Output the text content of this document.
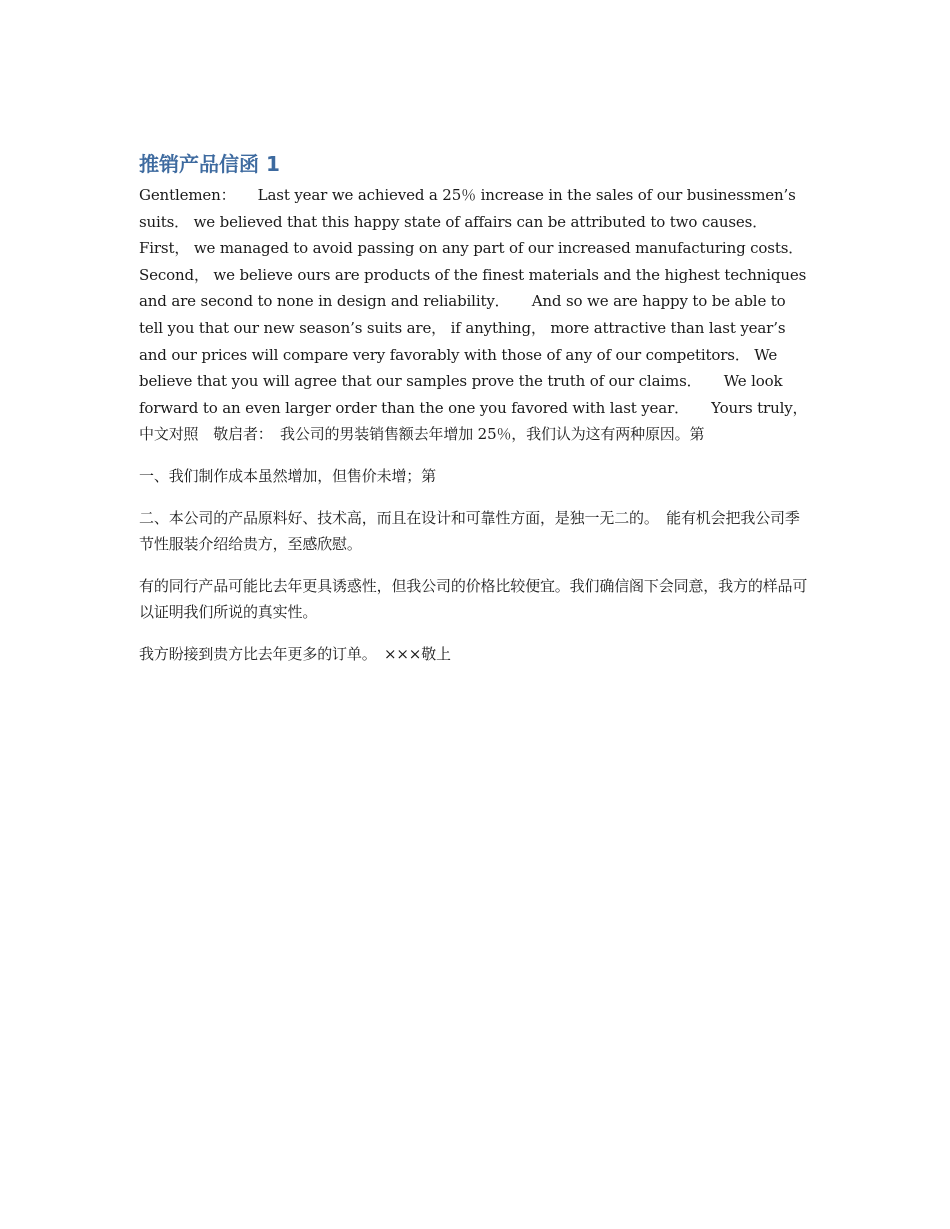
推销产品信函 1

Gentlemen：　　Last year we achieved a 25％ increase in the sales of our businessmen’s suits． we believed that this happy state of affairs can be attributed to two causes． First， we managed to avoid passing on any part of our increased manufacturing costs． Second， we believe ours are products of the finest materials and the highest techniques and are second to none in design and reliability．　　And so we are happy to be able to tell you that our new season’s suits are， if anything， more attractive than last year’s and our prices will compare very favorably with those of any of our competitors． We believe that you will agree that our samples prove the truth of our claims．　　We look forward to an even larger order than the one you favored with last year．　　Yours truly，　　中文对照　敬启者：　我公司的男装销售额去年增加 25％，我们认为这有两种原因。第

一、我们制作成本虽然增加，但售价未增；第

二、本公司的产品原料好、技术高，而且在设计和可靠性方面，是独一无二的。　能有机会把我公司季节性服装介绍给贵方，至感欣慰。

有的同行产品可能比去年更具诱惑性，但我公司的价格比较便宜。我们确信阁下会同意，我方的样品可以证明我们所说的真实性。

我方盼接到贵方比去年更多的订单。　×××敬上
